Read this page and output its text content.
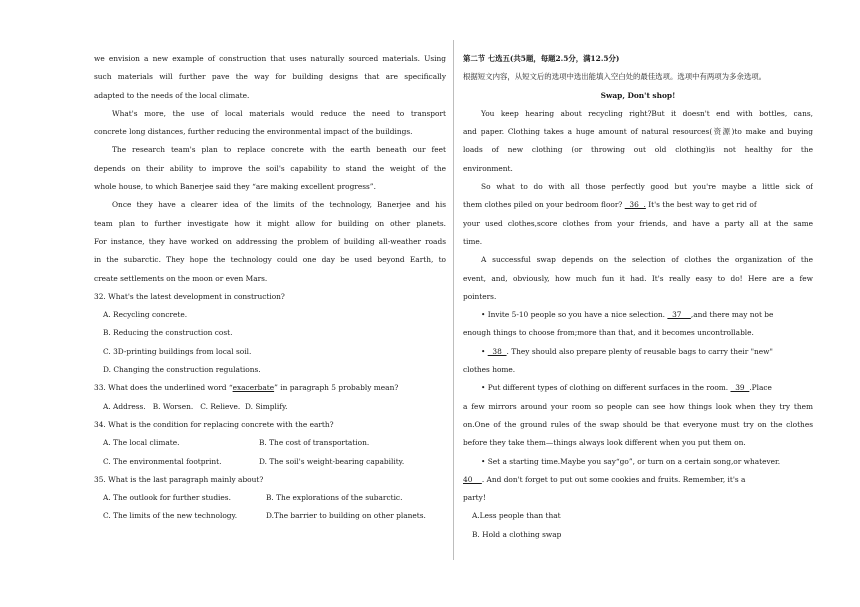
we envision a new example of construction that uses naturally sourced materials. Using
such materials will further pave the way for building designs that are specifically
adapted to the needs of the local climate.
What's more, the use of local materials would reduce the need to transport
concrete long distances, further reducing the environmental impact of the buildings.
The research team's plan to replace concrete with the earth beneath our feet
depends on their ability to improve the soil's capability to stand the weight of the
whole house, to which Banerjee said they “are making excellent progress”.
Once they have a clearer idea of the limits of the technology, Banerjee and his
team plan to further investigate how it might allow for building on other planets.
For instance, they have worked on addressing the problem of building all-weather roads
in the subarctic. They hope the technology could one day be used beyond Earth, to
create settlements on the moon or even Mars.
32. What's the latest development in construction?
A. Recycling concrete.
B. Reducing the construction cost.
C. 3D-printing buildings from local soil.
D. Changing the construction regulations.
33. What does the underlined word “exacerbate” in paragraph 5 probably mean?
A. Address.   B. Worsen.   C. Relieve.  D. Simplify.
34. What is the condition for replacing concrete with the earth?
A. The local climate.	B. The cost of transportation.
C. The environmental footprint.	D. The soil's weight-bearing capability.
35. What is the last paragraph mainly about?
A. The outlook for further studies.	B. The explorations of the subarctic.
C. The limits of the new technology.	D.The barrier to building on other planets.
第二节 七选五(共5题，每题2.5分，满12.5分)
根据短文内容，从短文后的选项中选出能填入空白处的最佳选项。选项中有两项为多余选项。
Swap, Don't shop!
You keep hearing about recycling right?But it doesn't end with bottles, cans,
and paper. Clothing takes a huge amount of natural resources(资源)to make and buying
loads of new clothing (or throwing out old clothing)is not healthy for the
environment.
So what to do with all those perfectly good but you're maybe a little sick of
them clothes piled on your bedroom floor?   36  . It's the best way to get rid of
your used clothes,score clothes from your friends, and have a party all at the same
time.
A successful swap depends on the selection of clothes the organization of the
event, and, obviously, how much fun it had. It's really easy to do! Here are a few
pointers.
• Invite 5-10 people so you have a nice selection.   37    ,and there may not be
enough things to choose from;more than that, and it becomes uncontrollable.
•   38  . They should also prepare plenty of reusable bags to carry their "new"
clothes home.
• Put different types of clothing on different surfaces in the room.   39  .Place
a few mirrors around your room so people can see how things look when they try them
on.One of the ground rules of the swap should be that everyone must try on the clothes
before they take them—things always look different when you put them on.
• Set a starting time.Maybe you say“go”, or turn on a certain song,or whatever.
40    . And don't forget to put out some cookies and fruits. Remember, it's a
party!
A.Less people than that
B. Hold a clothing swap
